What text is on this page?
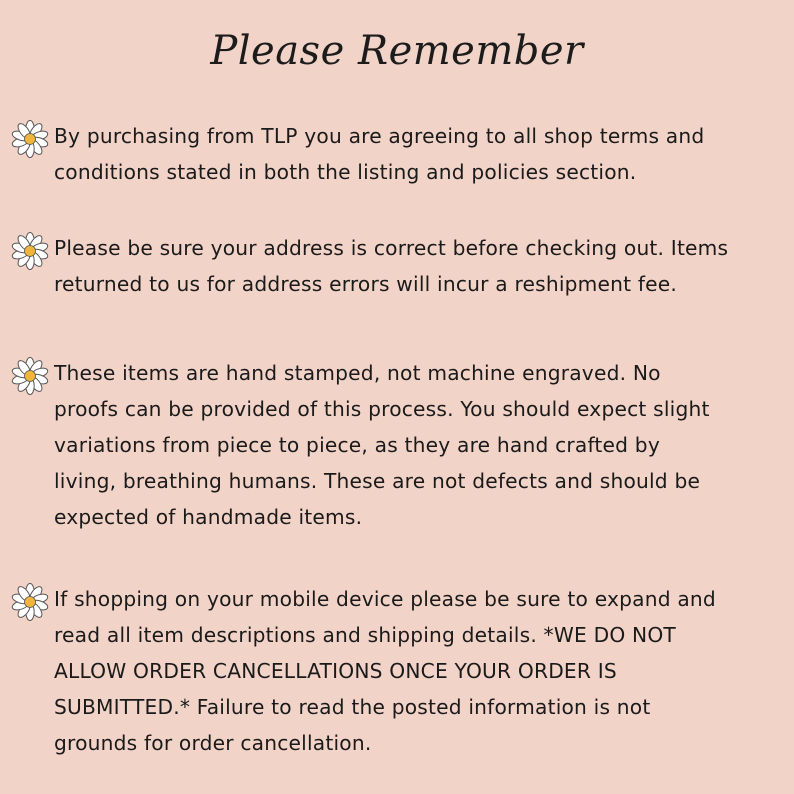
Please Remember
By purchasing from TLP you are agreeing to all shop terms and
conditions stated in both the listing and policies section.
Please be sure your address is correct before checking out. Items
returned to us for address errors will incur a reshipment fee.
These items are hand stamped, not machine engraved. No
proofs can be provided of this process. You should expect slight
variations from piece to piece, as they are hand crafted by
living, breathing humans. These are not defects and should be
expected of handmade items.
If shopping on your mobile device please be sure to expand and
read all item descriptions and shipping details. *WE DO NOT
ALLOW ORDER CANCELLATIONS ONCE YOUR ORDER IS
SUBMITTED.* Failure to read the posted information is not
grounds for order cancellation.
